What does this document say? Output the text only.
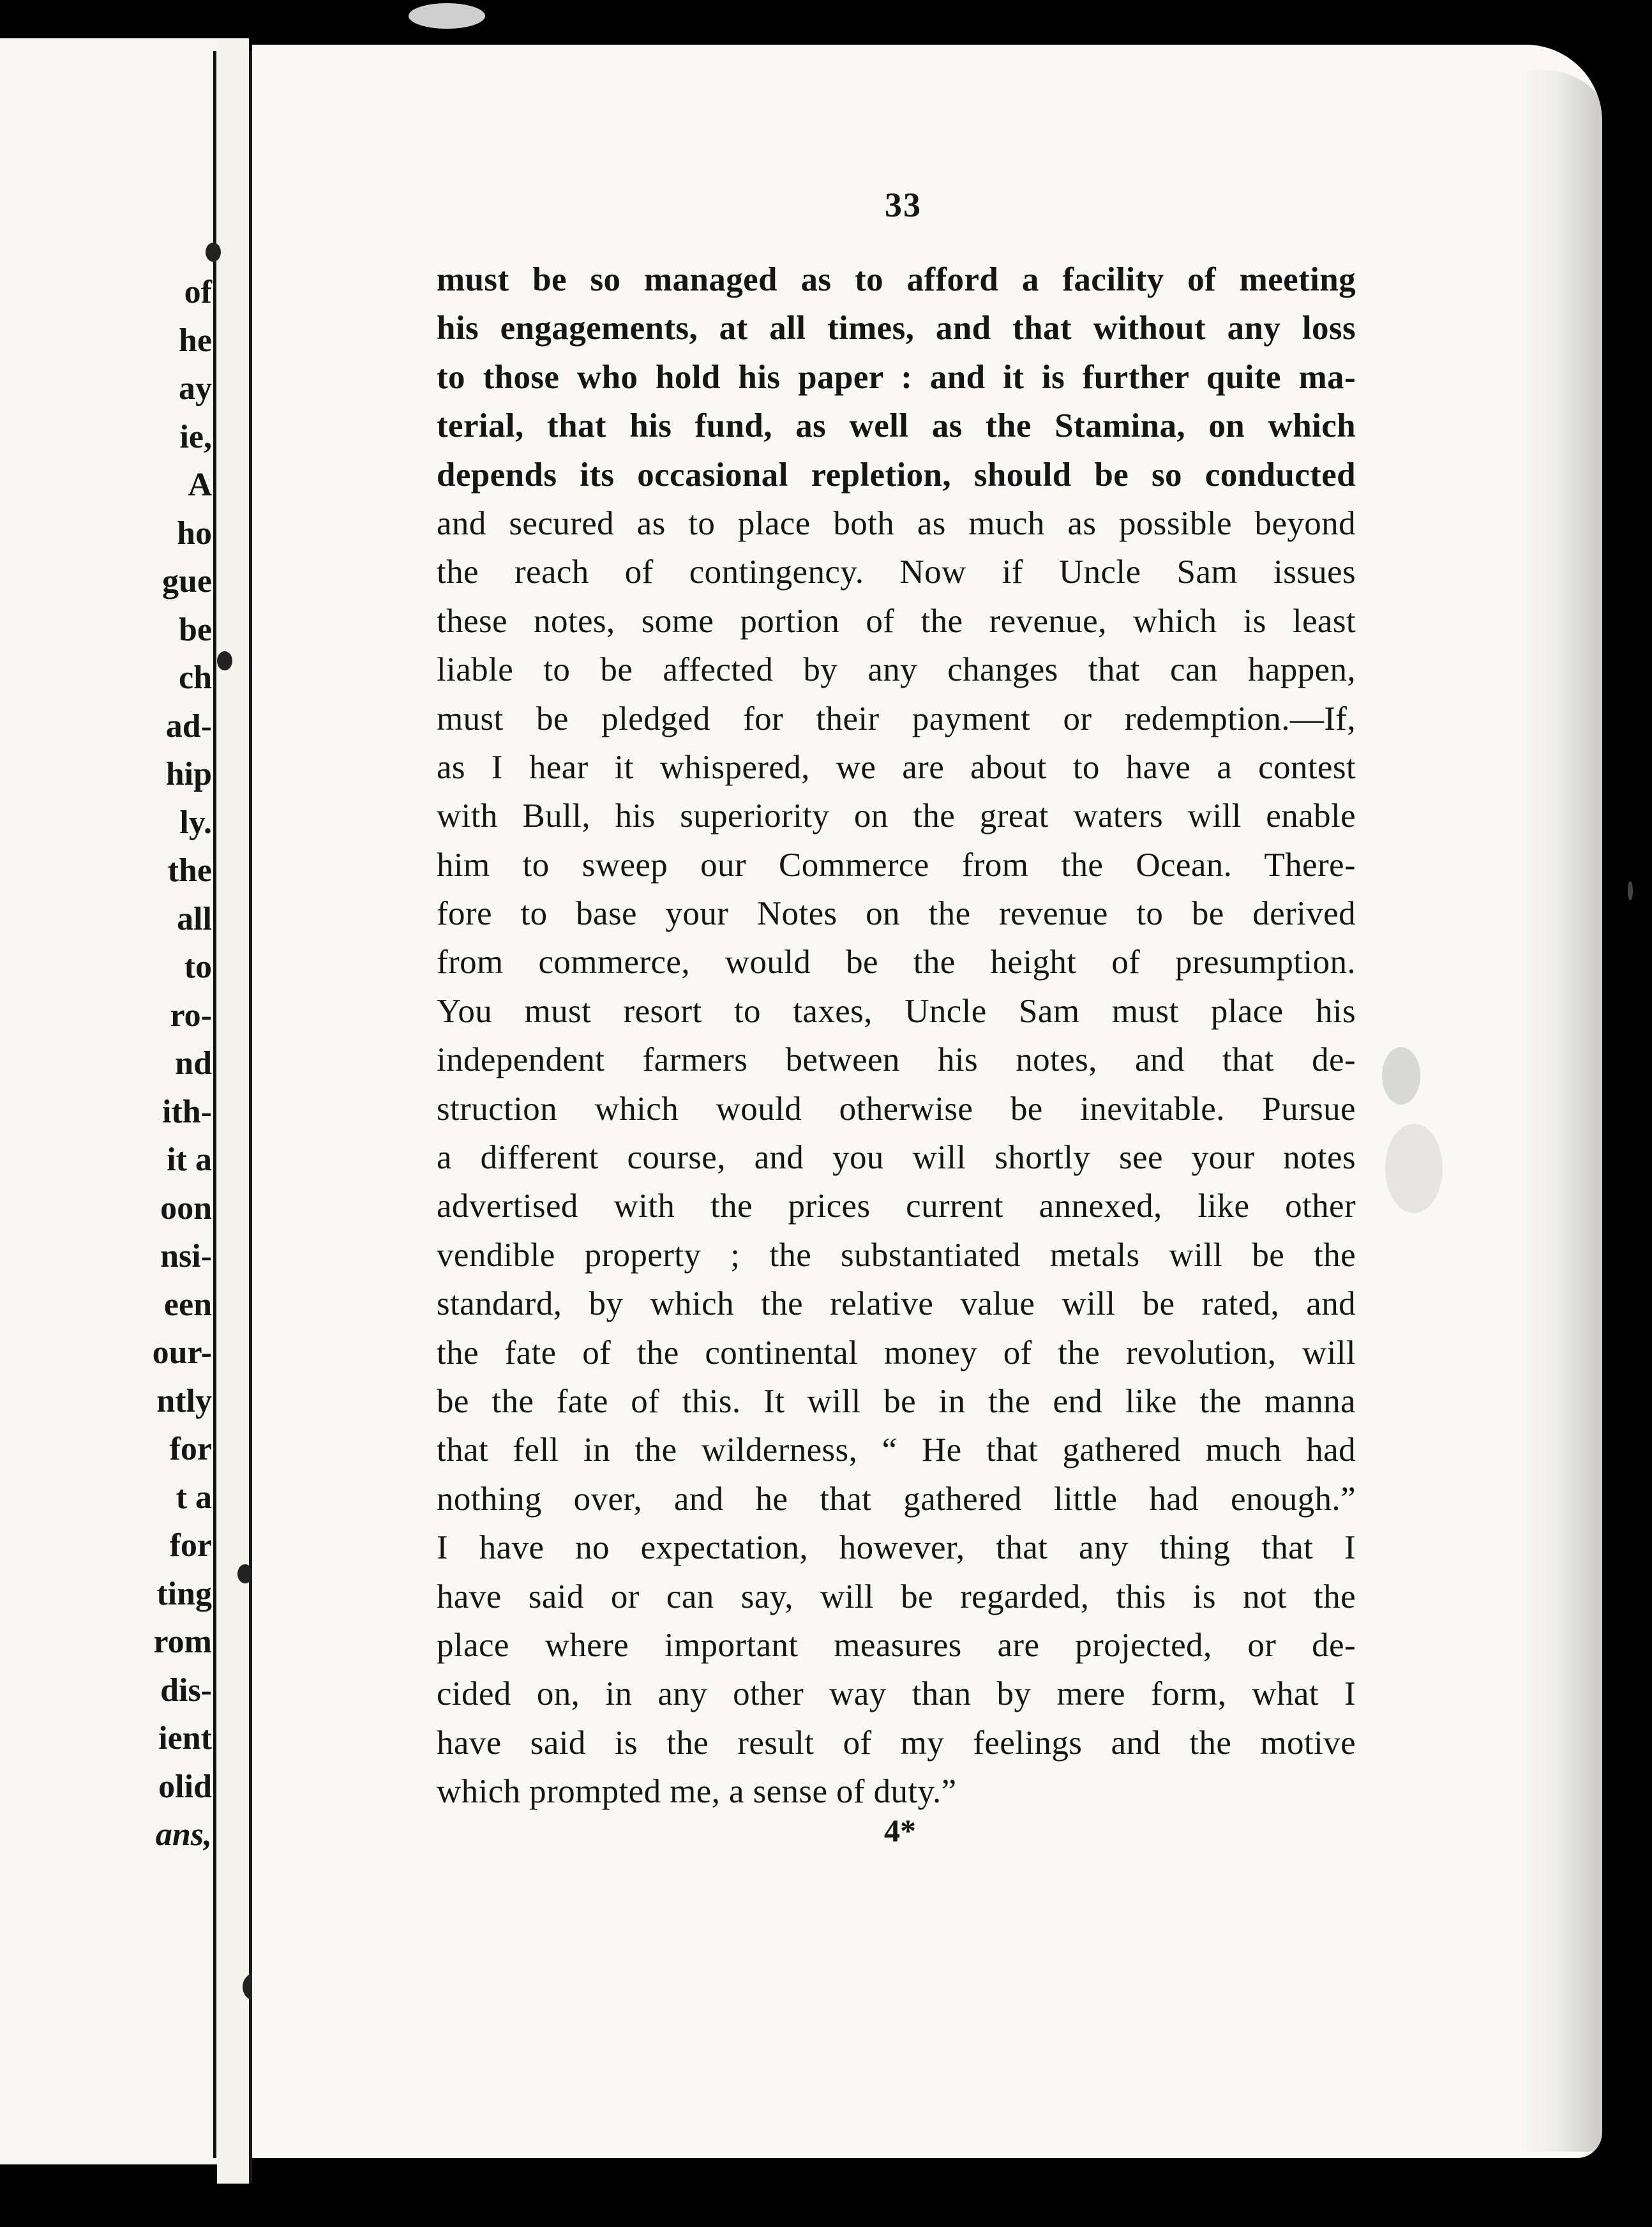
of
he
ay
ie,
A
ho
gue
be
ch
ad-
hip
ly.
the
all
to
ro-
nd
ith-
it a
oon
nsi-
een
our-
ntly
for
t a
for
ting
rom
dis-
ient
olid
ans,
33
must be so managed as to afford a facility of meeting
his engagements, at all times, and that without any loss
to those who hold his paper : and it is further quite ma-
terial, that his fund, as well as the Stamina, on which
depends its occasional repletion, should be so conducted
and secured as to place both as much as possible beyond
the reach of contingency. Now if Uncle Sam issues
these notes, some portion of the revenue, which is least
liable to be affected by any changes that can happen,
must be pledged for their payment or redemption.—If,
as I hear it whispered, we are about to have a contest
with Bull, his superiority on the great waters will enable
him to sweep our Commerce from the Ocean. There-
fore to base your Notes on the revenue to be derived
from commerce, would be the height of presumption.
You must resort to taxes, Uncle Sam must place his
independent farmers between his notes, and that de-
struction which would otherwise be inevitable. Pursue
a different course, and you will shortly see your notes
advertised with the prices current annexed, like other
vendible property ; the substantiated metals will be the
standard, by which the relative value will be rated, and
the fate of the continental money of the revolution, will
be the fate of this. It will be in the end like the manna
that fell in the wilderness, “ He that gathered much had
nothing over, and he that gathered little had enough.”
I have no expectation, however, that any thing that I
have said or can say, will be regarded, this is not the
place where important measures are projected, or de-
cided on, in any other way than by mere form, what I
have said is the result of my feelings and the motive
which prompted me, a sense of duty.”
4*
